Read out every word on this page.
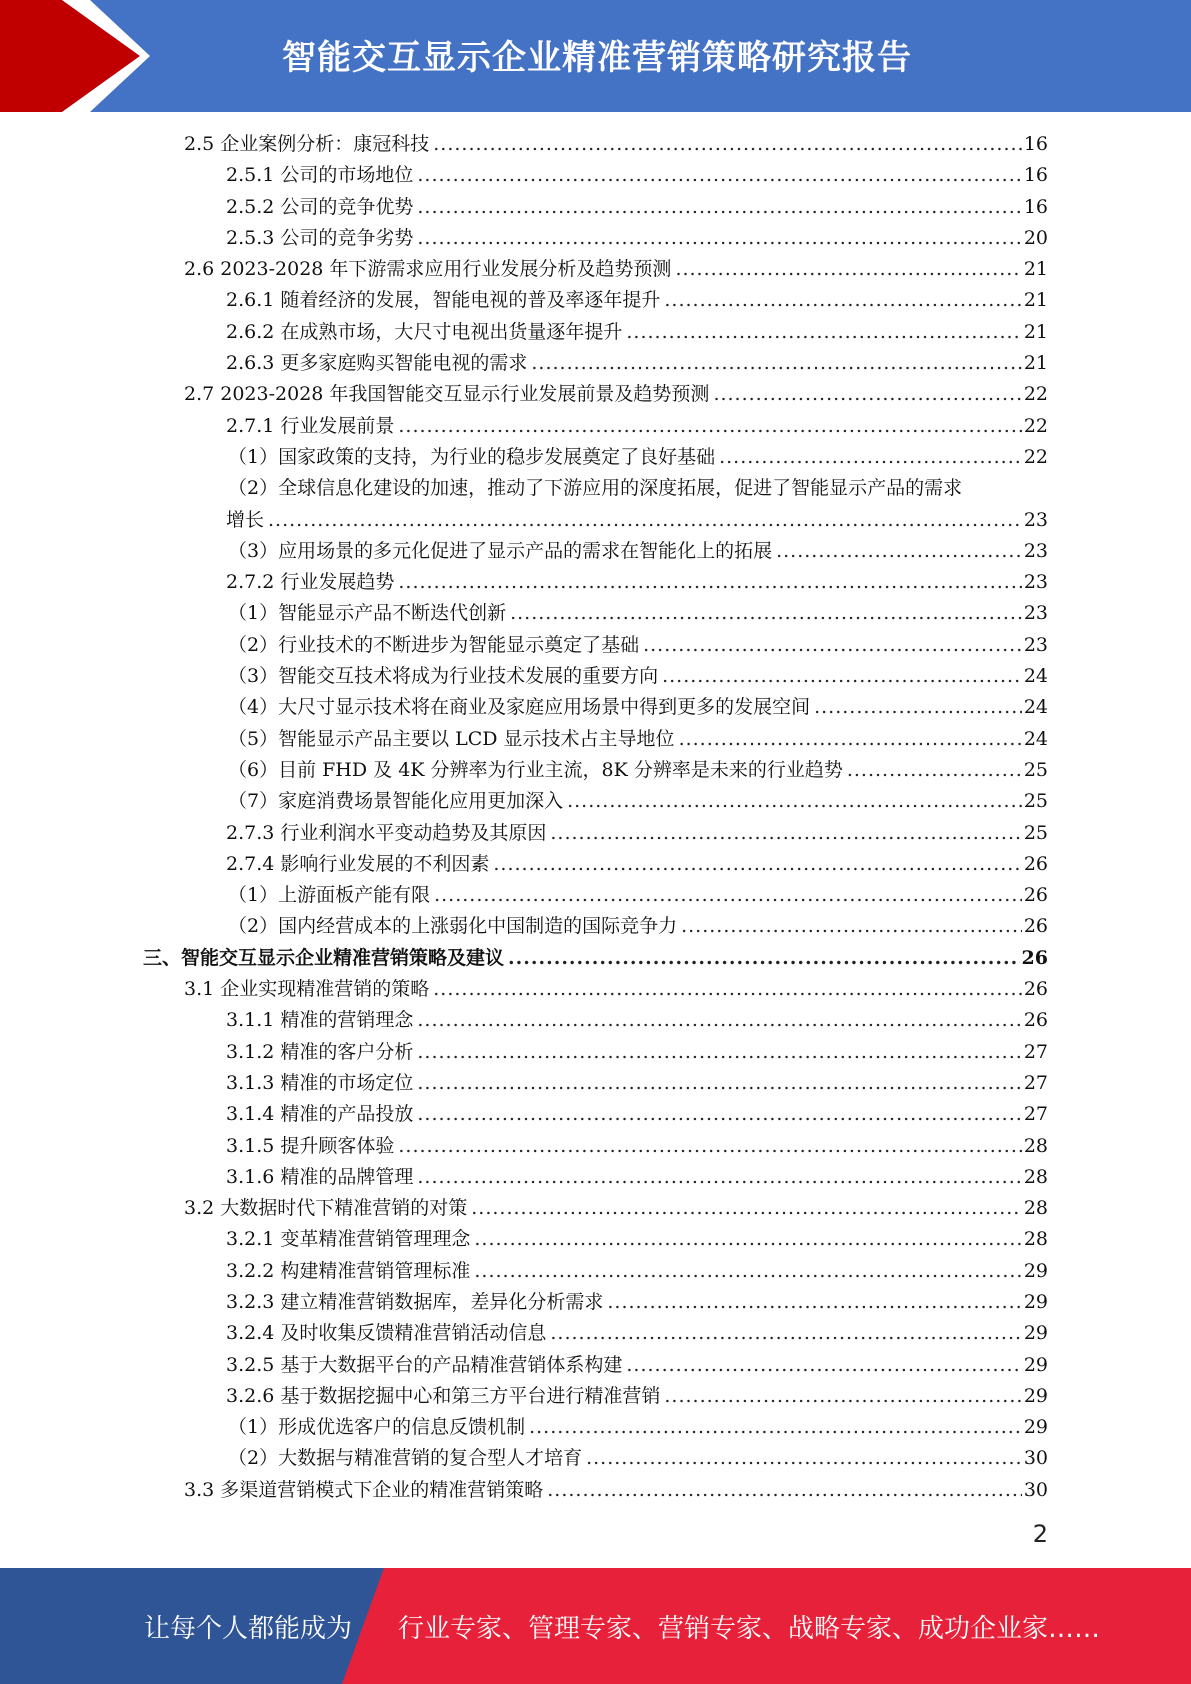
智能交互显示企业精准营销策略研究报告
2.5 企业案例分析：康冠科技 .....	16
2.5.1 公司的市场地位 .....	16
2.5.2 公司的竞争优势 .....	16
2.5.3 公司的竞争劣势 .....	20
2.6 2023-2028 年下游需求应用行业发展分析及趋势预测 .....	21
2.6.1 随着经济的发展，智能电视的普及率逐年提升 .....	21
2.6.2 在成熟市场，大尺寸电视出货量逐年提升 .....	21
2.6.3 更多家庭购买智能电视的需求 .....	21
2.7 2023-2028 年我国智能交互显示行业发展前景及趋势预测 .....	22
2.7.1 行业发展前景 .....	22
（1）国家政策的支持，为行业的稳步发展奠定了良好基础 .....	22
（2）全球信息化建设的加速，推动了下游应用的深度拓展，促进了智能显示产品的需求
增长 .....	23
（3）应用场景的多元化促进了显示产品的需求在智能化上的拓展 .....	23
2.7.2 行业发展趋势 .....	23
（1）智能显示产品不断迭代创新 .....	23
（2）行业技术的不断进步为智能显示奠定了基础 .....	23
（3）智能交互技术将成为行业技术发展的重要方向 .....	24
（4）大尺寸显示技术将在商业及家庭应用场景中得到更多的发展空间 .....	24
（5）智能显示产品主要以 LCD 显示技术占主导地位 .....	24
（6）目前 FHD 及 4K 分辨率为行业主流，8K 分辨率是未来的行业趋势 .....	25
（7）家庭消费场景智能化应用更加深入 .....	25
2.7.3 行业利润水平变动趋势及其原因 .....	25
2.7.4 影响行业发展的不利因素 .....	26
（1）上游面板产能有限 .....	26
（2）国内经营成本的上涨弱化中国制造的国际竞争力 .....	26
三、智能交互显示企业精准营销策略及建议 .....	26
3.1 企业实现精准营销的策略 .....	26
3.1.1 精准的营销理念 .....	26
3.1.2 精准的客户分析 .....	27
3.1.3 精准的市场定位 .....	27
3.1.4 精准的产品投放 .....	27
3.1.5 提升顾客体验 .....	28
3.1.6 精准的品牌管理 .....	28
3.2 大数据时代下精准营销的对策 .....	28
3.2.1 变革精准营销管理理念 .....	28
3.2.2 构建精准营销管理标准 .....	29
3.2.3 建立精准营销数据库，差异化分析需求 .....	29
3.2.4 及时收集反馈精准营销活动信息 .....	29
3.2.5 基于大数据平台的产品精准营销体系构建 .....	29
3.2.6 基于数据挖掘中心和第三方平台进行精准营销 .....	29
（1）形成优选客户的信息反馈机制 .....	29
（2）大数据与精准营销的复合型人才培育 .....	30
3.3 多渠道营销模式下企业的精准营销策略 .....	30
2
让每个人都能成为 行业专家、管理专家、营销专家、战略专家、成功企业家……
